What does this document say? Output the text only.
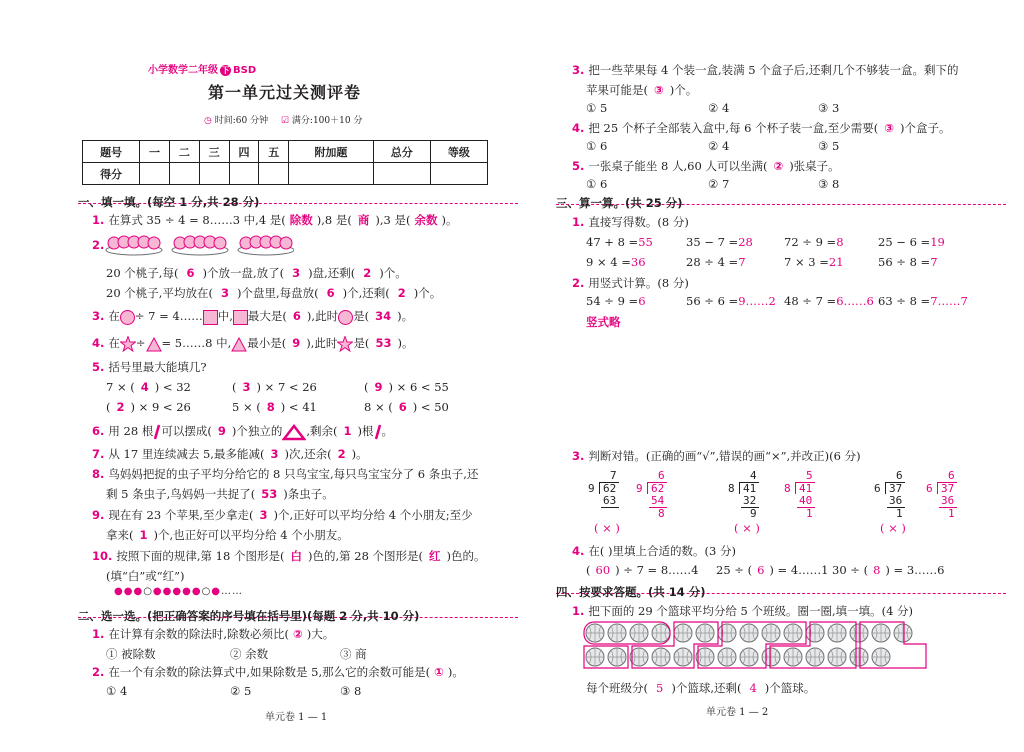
小学数学二年级 下 BSD
第一单元过关测评卷
◷ 时间:60 分钟 ☑ 满分:100＋10 分
题号	一	二	三	四	五	附加题	总分	等级
得分								
一、填一填。(每空 1 分,共 28 分)
1. 在算式 35 ÷ 4 = 8……3 中,4 是( 除数 ),8 是( 商 ),3 是( 余数 )。
2.
20 个桃子,每( 6 )个放一盘,放了( 3 )盘,还剩( 2 )个。
20 个桃子,平均放在( 3 )个盘里,每盘放( 6 )个,还剩( 2 )个。
3. 在 ÷ 7 = 4…… 中, 最大是( 6 ),此时 是( 34 )。
4. 在 ÷ = 5……8 中, 最小是( 9 ),此时 是( 53 )。
5. 括号里最大能填几?
7 × ( 4 ) < 32	( 3 ) × 7 < 26	( 9 ) × 6 < 55
( 2 ) × 9 < 26	5 × ( 8 ) < 41	8 × ( 6 ) < 50
6. 用 28 根 可以摆成( 9 )个独立的 ,剩余( 1 )根 。
7. 从 17 里连续减去 5,最多能减( 3 )次,还余( 2 )。
8. 鸟妈妈把捉的虫子平均分给它的 8 只鸟宝宝,每只鸟宝宝分了 6 条虫子,还
剩 5 条虫子,鸟妈妈一共捉了( 53 )条虫子。
9. 现在有 23 个苹果,至少拿走( 3 )个,正好可以平均分给 4 个小朋友;至少
拿来( 1 )个,也正好可以平均分给 4 个小朋友。
10. 按照下面的规律,第 18 个图形是( 白 )色的,第 28 个图形是( 红 )色的。
(填“白”或“红”)
●●●○●●●●●○●……
二、选一选。(把正确答案的序号填在括号里)(每题 2 分,共 10 分)
1. 在计算有余数的除法时,除数必须比( ② )大。
① 被除数	② 余数	③ 商
2. 在一个有余数的除法算式中,如果除数是 5,那么它的余数可能是( ① )。
① 4	② 5	③ 8
单元卷 1 — 1
3. 把一些苹果每 4 个装一盒,装满 5 个盒子后,还剩几个不够装一盒。剩下的
苹果可能是( ③ )个。
① 5	② 4	③ 3
4. 把 25 个杯子全部装入盒中,每 6 个杯子装一盒,至少需要( ③ )个盒子。
① 6	② 4	③ 5
5. 一张桌子能坐 8 人,60 人可以坐满( ② )张桌子。
① 6	② 7	③ 8
三、算一算。(共 25 分)
1. 直接写得数。(8 分)
47 + 8 =55	35 − 7 =28	72 ÷ 9 =8	25 − 6 =19
9 × 4 =36	28 ÷ 4 =7	7 × 3 =21	56 ÷ 8 =7
2. 用竖式计算。(8 分)
54 ÷ 9 =6	56 ÷ 6 =9……2 48 ÷ 7 =6……6 63 ÷ 8 =7……7
竖式略
3. 判断对错。(正确的画“√”,错误的画“×”,并改正)(6 分)
7
9 62
63
6
9 62
54
8
( × )
4
8 41
32
9
5
8 41
40
1
( × )
6
6 37
36
1
6
6 37
36
1
( × )
4. 在( )里填上合适的数。(3 分)
( 60 ) ÷ 7 = 8……4 25 ÷ ( 6 ) = 4……1 30 ÷ ( 8 ) = 3……6
四、按要求答题。(共 14 分)
1. 把下面的 29 个篮球平均分给 5 个班级。圈一圈,填一填。(4 分)
每个班级分( 5 )个篮球,还剩( 4 )个篮球。
单元卷 1 — 2
